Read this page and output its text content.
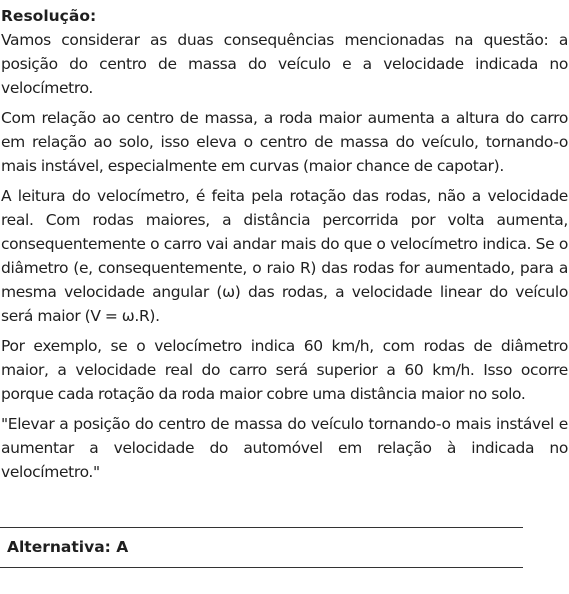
Resolução:

Vamos considerar as duas consequências mencionadas na questão: a posição do centro de massa do veículo e a velocidade indicada no velocímetro.

Com relação ao centro de massa, a roda maior aumenta a altura do carro em relação ao solo, isso eleva o centro de massa do veículo, tornando-o mais instável, especialmente em curvas (maior chance de capotar).

A leitura do velocímetro, é feita pela rotação das rodas, não a velocidade real. Com rodas maiores, a distância percorrida por volta aumenta, consequentemente o carro vai andar mais do que o velocímetro indica. Se o diâmetro (e, consequentemente, o raio R) das rodas for aumentado, para a mesma velocidade angular (ω) das rodas, a velocidade linear do veículo será maior (V = ω.R).

Por exemplo, se o velocímetro indica 60 km/h, com rodas de diâmetro maior, a velocidade real do carro será superior a 60 km/h. Isso ocorre porque cada rotação da roda maior cobre uma distância maior no solo.

"Elevar a posição do centro de massa do veículo tornando-o mais instável e aumentar a velocidade do automóvel em relação à indicada no velocímetro."

Alternativa: A
